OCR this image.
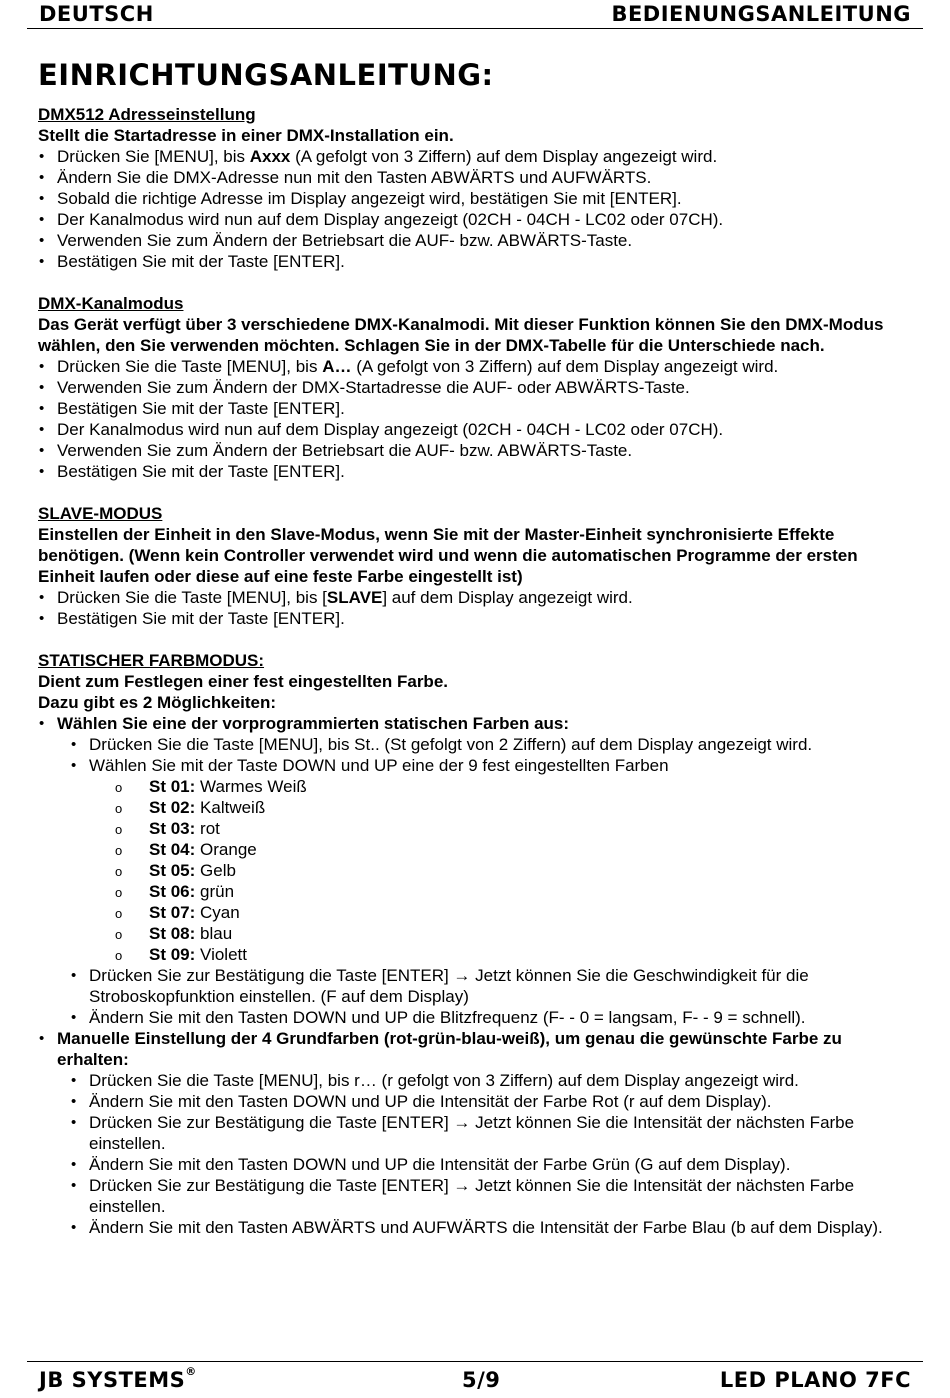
DEUTSCH	BEDIENUNGSANLEITUNG
EINRICHTUNGSANLEITUNG:
DMX512 Adresseinstellung
Stellt die Startadresse in einer DMX-Installation ein.
• Drücken Sie [MENU], bis Axxx (A gefolgt von 3 Ziffern) auf dem Display angezeigt wird.
• Ändern Sie die DMX-Adresse nun mit den Tasten ABWÄRTS und AUFWÄRTS.
• Sobald die richtige Adresse im Display angezeigt wird, bestätigen Sie mit [ENTER].
• Der Kanalmodus wird nun auf dem Display angezeigt (02CH - 04CH - LC02 oder 07CH).
• Verwenden Sie zum Ändern der Betriebsart die AUF- bzw. ABWÄRTS-Taste.
• Bestätigen Sie mit der Taste [ENTER].
DMX-Kanalmodus
Das Gerät verfügt über 3 verschiedene DMX-Kanalmodi. Mit dieser Funktion können Sie den DMX-Modus wählen, den Sie verwenden möchten. Schlagen Sie in der DMX-Tabelle für die Unterschiede nach.
• Drücken Sie die Taste [MENU], bis A… (A gefolgt von 3 Ziffern) auf dem Display angezeigt wird.
• Verwenden Sie zum Ändern der DMX-Startadresse die AUF- oder ABWÄRTS-Taste.
• Bestätigen Sie mit der Taste [ENTER].
• Der Kanalmodus wird nun auf dem Display angezeigt (02CH - 04CH - LC02 oder 07CH).
• Verwenden Sie zum Ändern der Betriebsart die AUF- bzw. ABWÄRTS-Taste.
• Bestätigen Sie mit der Taste [ENTER].
SLAVE-MODUS
Einstellen der Einheit in den Slave-Modus, wenn Sie mit der Master-Einheit synchronisierte Effekte benötigen. (Wenn kein Controller verwendet wird und wenn die automatischen Programme der ersten Einheit laufen oder diese auf eine feste Farbe eingestellt ist)
• Drücken Sie die Taste [MENU], bis [SLAVE] auf dem Display angezeigt wird.
• Bestätigen Sie mit der Taste [ENTER].
STATISCHER FARBMODUS:
Dient zum Festlegen einer fest eingestellten Farbe.
Dazu gibt es 2 Möglichkeiten:
• Wählen Sie eine der vorprogrammierten statischen Farben aus:
• Drücken Sie die Taste [MENU], bis St.. (St gefolgt von 2 Ziffern) auf dem Display angezeigt wird.
• Wählen Sie mit der Taste DOWN und UP eine der 9 fest eingestellten Farben
o St 01: Warmes Weiß
o St 02: Kaltweiß
o St 03: rot
o St 04: Orange
o St 05: Gelb
o St 06: grün
o St 07: Cyan
o St 08: blau
o St 09: Violett
• Drücken Sie zur Bestätigung die Taste [ENTER] → Jetzt können Sie die Geschwindigkeit für die Stroboskopfunktion einstellen. (F auf dem Display)
• Ändern Sie mit den Tasten DOWN und UP die Blitzfrequenz (F- - 0 = langsam, F- - 9 = schnell).
• Manuelle Einstellung der 4 Grundfarben (rot-grün-blau-weiß), um genau die gewünschte Farbe zu erhalten:
• Drücken Sie die Taste [MENU], bis r… (r gefolgt von 3 Ziffern) auf dem Display angezeigt wird.
• Ändern Sie mit den Tasten DOWN und UP die Intensität der Farbe Rot (r auf dem Display).
• Drücken Sie zur Bestätigung die Taste [ENTER] → Jetzt können Sie die Intensität der nächsten Farbe einstellen.
• Ändern Sie mit den Tasten DOWN und UP die Intensität der Farbe Grün (G auf dem Display).
• Drücken Sie zur Bestätigung die Taste [ENTER] → Jetzt können Sie die Intensität der nächsten Farbe einstellen.
• Ändern Sie mit den Tasten ABWÄRTS und AUFWÄRTS die Intensität der Farbe Blau (b auf dem Display).
JB SYSTEMS®	5/9	LED PLANO 7FC
